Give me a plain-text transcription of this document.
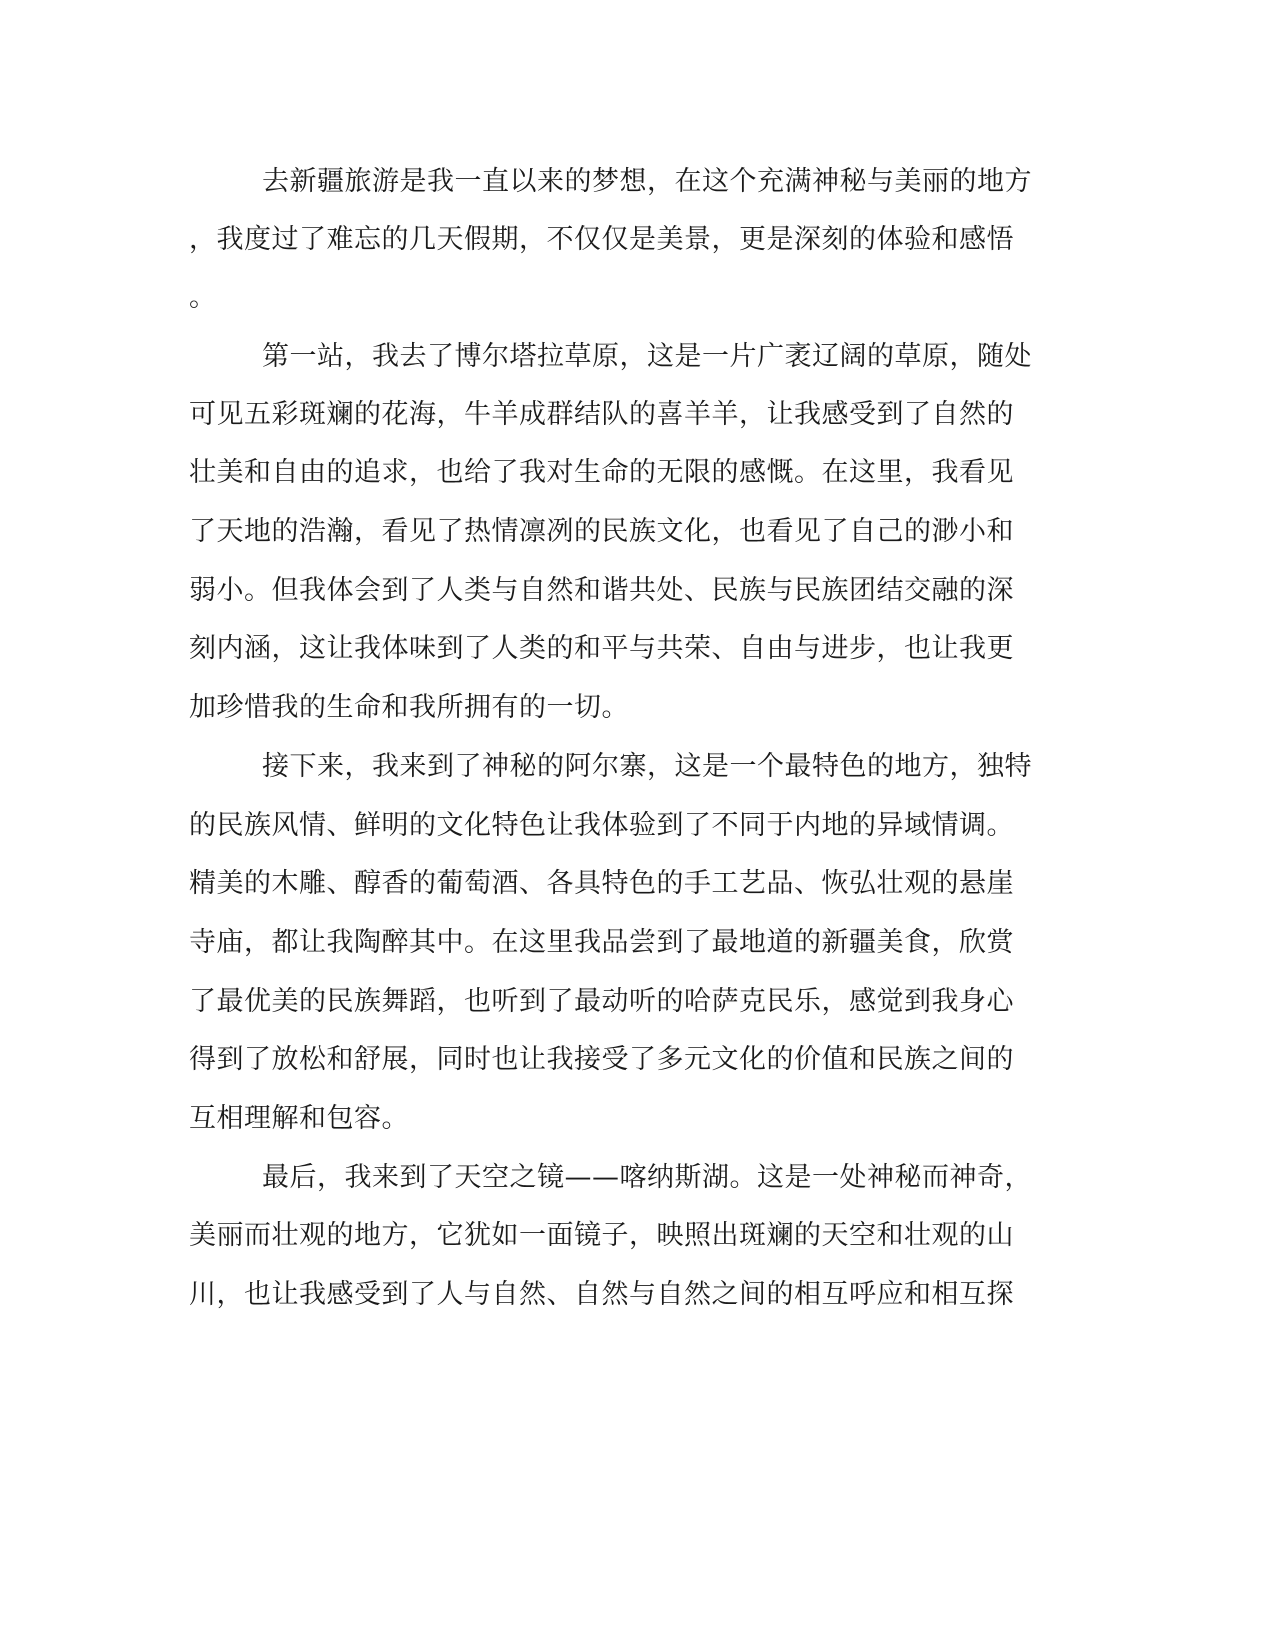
去新疆旅游是我一直以来的梦想，在这个充满神秘与美丽的地方
，我度过了难忘的几天假期，不仅仅是美景，更是深刻的体验和感悟
。
第一站，我去了博尔塔拉草原，这是一片广袤辽阔的草原，随处
可见五彩斑斓的花海，牛羊成群结队的喜羊羊，让我感受到了自然的
壮美和自由的追求，也给了我对生命的无限的感慨。在这里，我看见
了天地的浩瀚，看见了热情凛冽的民族文化，也看见了自己的渺小和
弱小。但我体会到了人类与自然和谐共处、民族与民族团结交融的深
刻内涵，这让我体味到了人类的和平与共荣、自由与进步，也让我更
加珍惜我的生命和我所拥有的一切。
接下来，我来到了神秘的阿尔寨，这是一个最特色的地方，独特
的民族风情、鲜明的文化特色让我体验到了不同于内地的异域情调。
精美的木雕、醇香的葡萄酒、各具特色的手工艺品、恢弘壮观的悬崖
寺庙，都让我陶醉其中。在这里我品尝到了最地道的新疆美食，欣赏
了最优美的民族舞蹈，也听到了最动听的哈萨克民乐，感觉到我身心
得到了放松和舒展，同时也让我接受了多元文化的价值和民族之间的
互相理解和包容。
最后，我来到了天空之镜——喀纳斯湖。这是一处神秘而神奇，
美丽而壮观的地方，它犹如一面镜子，映照出斑斓的天空和壮观的山
川，也让我感受到了人与自然、自然与自然之间的相互呼应和相互探
